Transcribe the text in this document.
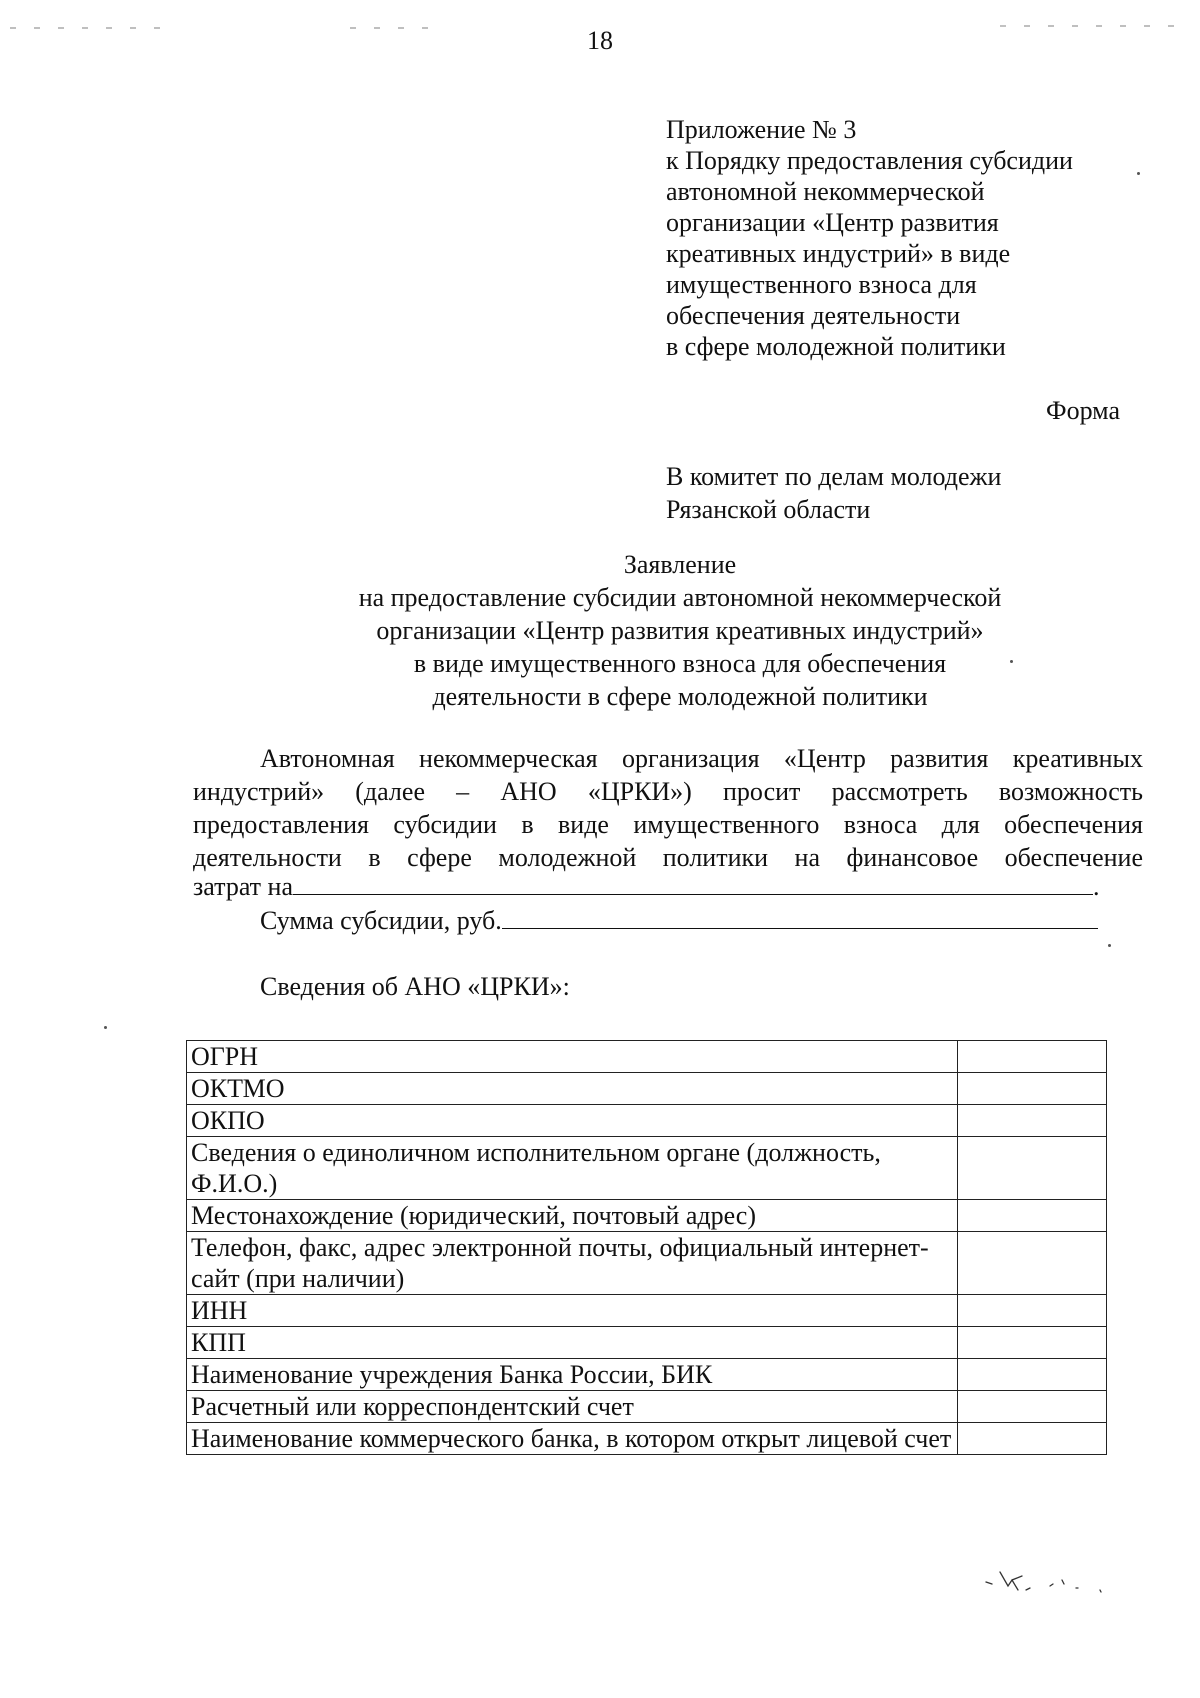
18
Приложение № 3
к Порядку предоставления субсидии
автономной некоммерческой
организации «Центр развития
креативных индустрий» в виде
имущественного взноса для
обеспечения деятельности
в сфере молодежной политики
Форма
В комитет по делам молодежи
Рязанской области
Заявление
на предоставление субсидии автономной некоммерческой
организации «Центр развития креативных индустрий»
в виде имущественного взноса для обеспечения
деятельности в сфере молодежной политики
Автономная некоммерческая организация «Центр развития креативных
индустрий» (далее – АНО «ЦРКИ») просит рассмотреть возможность
предоставления субсидии в виде имущественного взноса для обеспечения
деятельности в сфере молодежной политики на финансовое обеспечение
затрат на	.
Сумма субсидии, руб.
Сведения об АНО «ЦРКИ»:
ОГРН	
ОКТМО	
ОКПО	
Сведения о единоличном исполнительном органе (должность, Ф.И.О.)	
Местонахождение (юридический, почтовый адрес)	
Телефон, факс, адрес электронной почты, официальный интернет-сайт (при наличии)	
ИНН	
КПП	
Наименование учреждения Банка России, БИК	
Расчетный или корреспондентский счет	
Наименование коммерческого банка, в котором открыт лицевой счет	
